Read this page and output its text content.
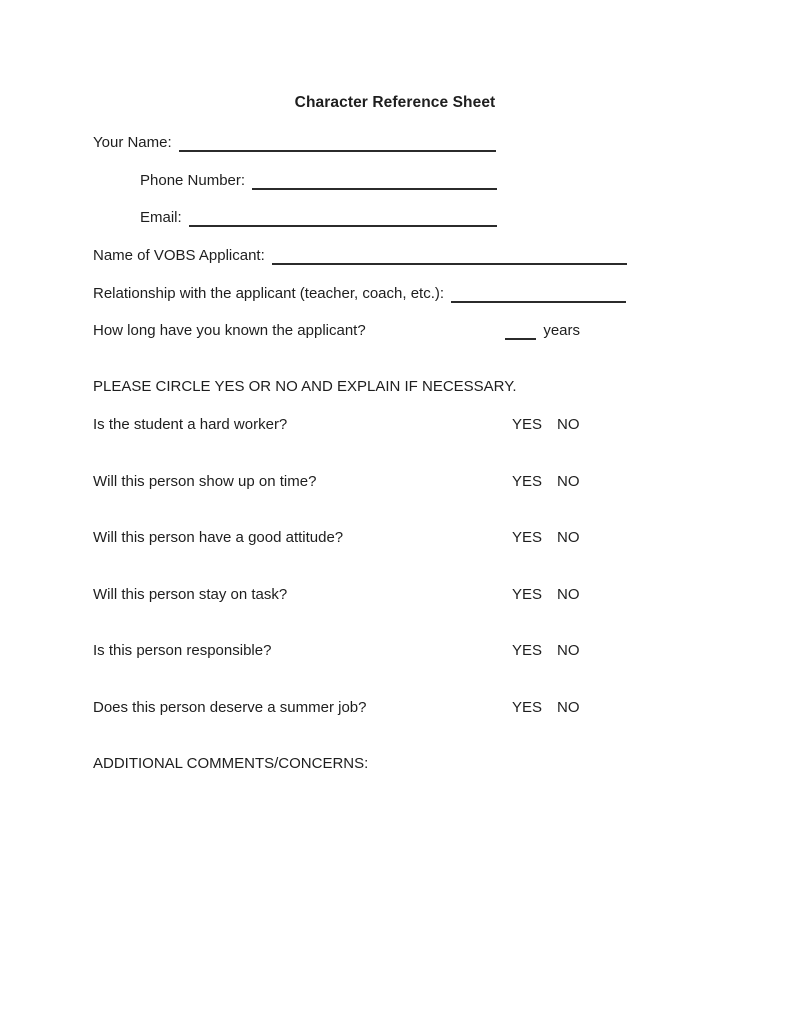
Character Reference Sheet
Your Name:
Phone Number:
Email:
Name of VOBS Applicant:
Relationship with the applicant (teacher, coach, etc.):
How long have you known the applicant?	years
PLEASE CIRCLE YES OR NO AND EXPLAIN IF NECESSARY.
Is the student a hard worker?	YES NO
Will this person show up on time?	YES NO
Will this person have a good attitude?	YES NO
Will this person stay on task?	YES NO
Is this person responsible?	YES NO
Does this person deserve a summer job?	YES NO
ADDITIONAL COMMENTS/CONCERNS:
